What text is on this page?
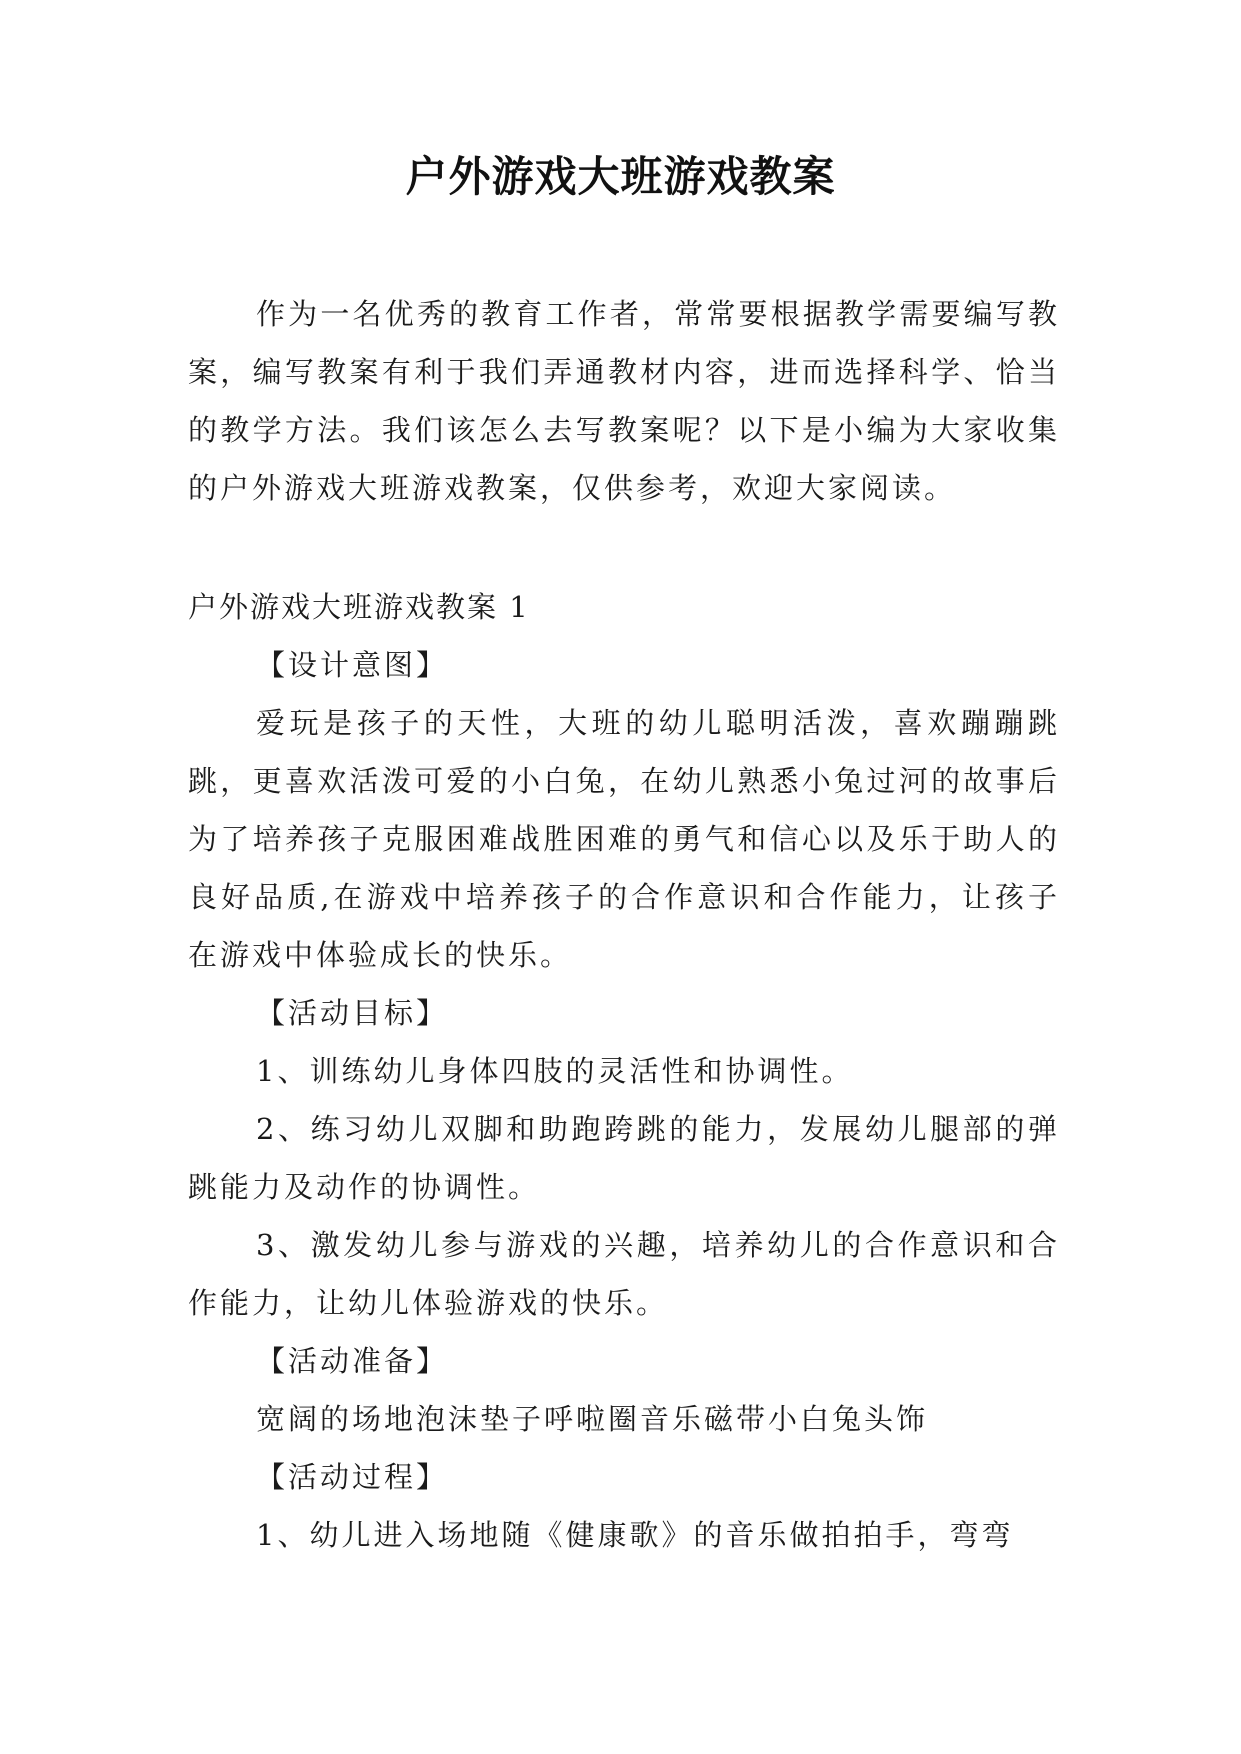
户外游戏大班游戏教案

作为一名优秀的教育工作者，常常要根据教学需要编写教案，编写教案有利于我们弄通教材内容，进而选择科学、恰当的教学方法。我们该怎么去写教案呢？以下是小编为大家收集的户外游戏大班游戏教案，仅供参考，欢迎大家阅读。

户外游戏大班游戏教案 1

【设计意图】

爱玩是孩子的天性，大班的幼儿聪明活泼，喜欢蹦蹦跳跳，更喜欢活泼可爱的小白兔，在幼儿熟悉小兔过河的故事后为了培养孩子克服困难战胜困难的勇气和信心以及乐于助人的良好品质,在游戏中培养孩子的合作意识和合作能力，让孩子在游戏中体验成长的快乐。

【活动目标】

1、训练幼儿身体四肢的灵活性和协调性。

2、练习幼儿双脚和助跑跨跳的能力，发展幼儿腿部的弹跳能力及动作的协调性。

3、激发幼儿参与游戏的兴趣，培养幼儿的合作意识和合作能力，让幼儿体验游戏的快乐。

【活动准备】

宽阔的场地泡沫垫子呼啦圈音乐磁带小白兔头饰

【活动过程】

1、幼儿进入场地随《健康歌》的音乐做拍拍手，弯弯
